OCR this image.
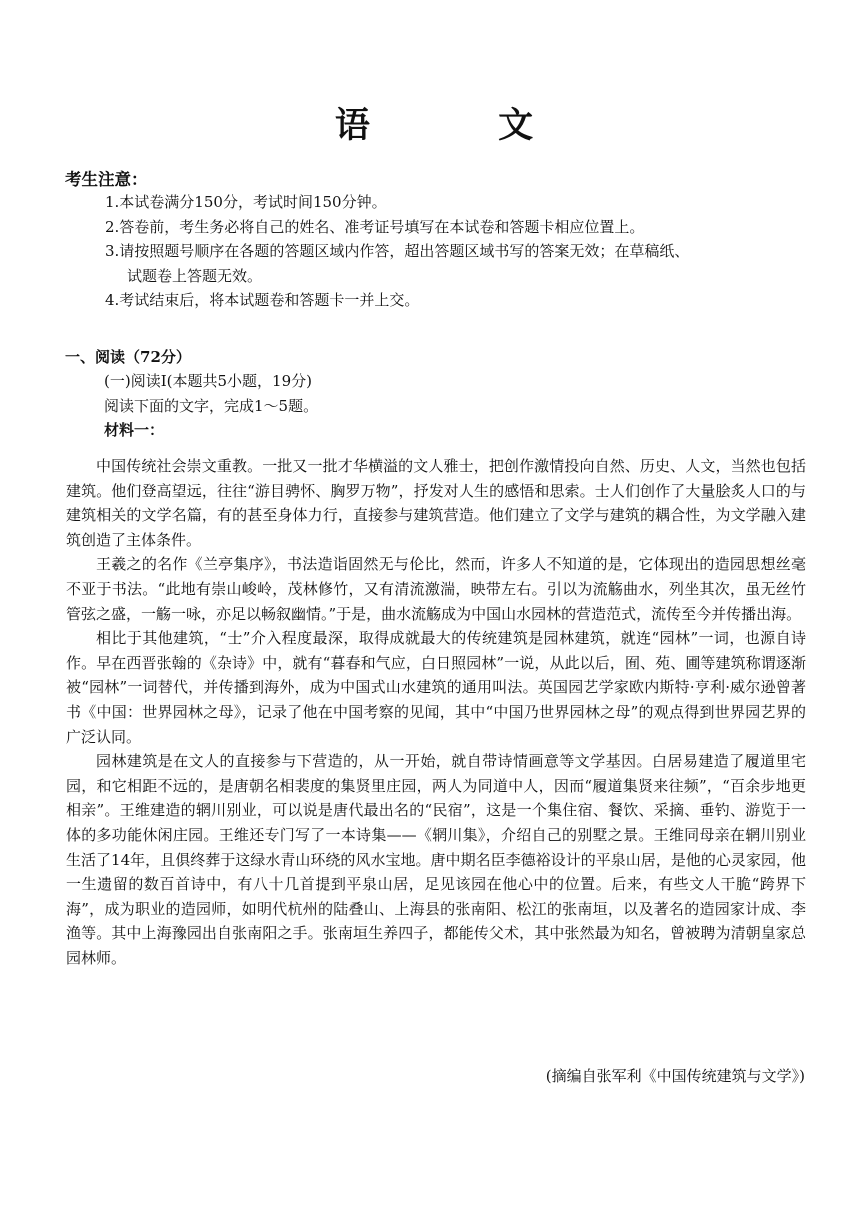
语 文
考生注意：
1.本试卷满分150分，考试时间150分钟。
2.答卷前，考生务必将自己的姓名、准考证号填写在本试卷和答题卡相应位置上。
3.请按照题号顺序在各题的答题区域内作答，超出答题区域书写的答案无效；在草稿纸、
试题卷上答题无效。
4.考试结束后，将本试题卷和答题卡一并上交。
一、阅读（72分）
(一)阅读Ⅰ(本题共5小题，19分)
阅读下面的文字，完成1～5题。
材料一：

中国传统社会崇文重教。一批又一批才华横溢的文人雅士，把创作激情投向自然、历史、人文，当然也包括建筑。他们登高望远，往往“游目骋怀、胸罗万物”，抒发对人生的感悟和思索。士人们创作了大量脍炙人口的与建筑相关的文学名篇，有的甚至身体力行，直接参与建筑营造。他们建立了文学与建筑的耦合性，为文学融入建筑创造了主体条件。

王羲之的名作《兰亭集序》，书法造诣固然无与伦比，然而，许多人不知道的是，它体现出的造园思想丝毫不亚于书法。“此地有崇山峻岭，茂林修竹，又有清流激湍，映带左右。引以为流觞曲水，列坐其次，虽无丝竹管弦之盛，一觞一咏，亦足以畅叙幽情。”于是，曲水流觞成为中国山水园林的营造范式，流传至今并传播出海。

相比于其他建筑，“士”介入程度最深，取得成就最大的传统建筑是园林建筑，就连“园林”一词，也源自诗作。早在西晋张翰的《杂诗》中，就有“暮春和气应，白日照园林”一说，从此以后，囿、苑、圃等建筑称谓逐渐被“园林”一词替代，并传播到海外，成为中国式山水建筑的通用叫法。英国园艺学家欧内斯特·亨利·威尔逊曾著书《中国：世界园林之母》，记录了他在中国考察的见闻，其中“中国乃世界园林之母”的观点得到世界园艺界的广泛认同。

园林建筑是在文人的直接参与下营造的，从一开始，就自带诗情画意等文学基因。白居易建造了履道里宅园，和它相距不远的，是唐朝名相裴度的集贤里庄园，两人为同道中人，因而“履道集贤来往频”，“百余步地更相亲”。王维建造的辋川别业，可以说是唐代最出名的“民宿”，这是一个集住宿、餐饮、采摘、垂钓、游览于一体的多功能休闲庄园。王维还专门写了一本诗集——《辋川集》，介绍自己的别墅之景。王维同母亲在辋川别业生活了14年，且俱终葬于这绿水青山环绕的风水宝地。唐中期名臣李德裕设计的平泉山居，是他的心灵家园，他一生遗留的数百首诗中，有八十几首提到平泉山居，足见该园在他心中的位置。后来，有些文人干脆“跨界下海”，成为职业的造园师，如明代杭州的陆叠山、上海县的张南阳、松江的张南垣，以及著名的造园家计成、李渔等。其中上海豫园出自张南阳之手。张南垣生养四子，都能传父术，其中张然最为知名，曾被聘为清朝皇家总园林师。

(摘编自张军利《中国传统建筑与文学》)
